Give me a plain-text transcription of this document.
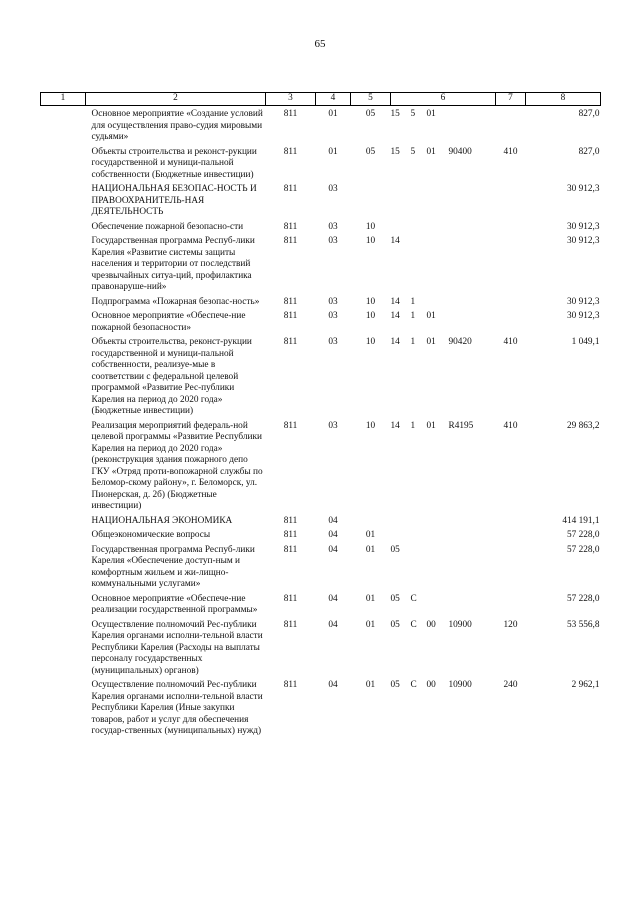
65
1	2	3	4	5	6	7	8
	Основное мероприятие «Создание условий для осуществления право-судия мировыми судьями»	811	01	05	15 5 01		827,0
	Объекты строительства и реконст-рукции государственной и муници-пальной собственности (Бюджетные инвестиции)	811	01	05	15 5 01 90400	410	827,0
	НАЦИОНАЛЬНАЯ БЕЗОПАС-НОСТЬ И ПРАВООХРАНИТЕЛЬ-НАЯ ДЕЯТЕЛЬНОСТЬ	811	03				30 912,3
	Обеспечение пожарной безопасно-сти	811	03	10			30 912,3
	Государственная программа Респуб-лики Карелия «Развитие системы защиты населения и территории от последствий чрезвычайных ситуа-ций, профилактика правонаруше-ний»	811	03	10	14		30 912,3
	Подпрограмма «Пожарная безопас-ность»	811	03	10	14 1		30 912,3
	Основное мероприятие «Обеспече-ние пожарной безопасности»	811	03	10	14 1 01		30 912,3
	Объекты строительства, реконст-рукции государственной и муници-пальной собственности, реализуе-мые в соответствии с федеральной целевой программой «Развитие Рес-публики Карелия на период до 2020 года» (Бюджетные инвестиции)	811	03	10	14 1 01 90420	410	1 049,1
	Реализация мероприятий федераль-ной целевой программы «Развитие Республики Карелия на период до 2020 года» (реконструкция здания пожарного депо ГКУ «Отряд проти-вопожарной службы по Беломор-скому району», г. Беломорск, ул. Пионерская, д. 2б) (Бюджетные инвестиции)	811	03	10	14 1 01 R4195	410	29 863,2
	НАЦИОНАЛЬНАЯ ЭКОНОМИКА	811	04				414 191,1
	Общеэкономические вопросы	811	04	01			57 228,0
	Государственная программа Респуб-лики Карелия «Обеспечение доступ-ным и комфортным жильем и жи-лищно-коммунальными услугами»	811	04	01	05		57 228,0
	Основное мероприятие «Обеспече-ние реализации государственной программы»	811	04	01	05 С		57 228,0
	Осуществление полномочий Рес-публики Карелия органами исполни-тельной власти Республики Карелия (Расходы на выплаты персоналу государственных (муниципальных) органов)	811	04	01	05 С 00 10900	120	53 556,8
	Осуществление полномочий Рес-публики Карелия органами исполни-тельной власти Республики Карелия (Иные закупки товаров, работ и услуг для обеспечения государ-ственных (муниципальных) нужд)	811	04	01	05 С 00 10900	240	2 962,1
